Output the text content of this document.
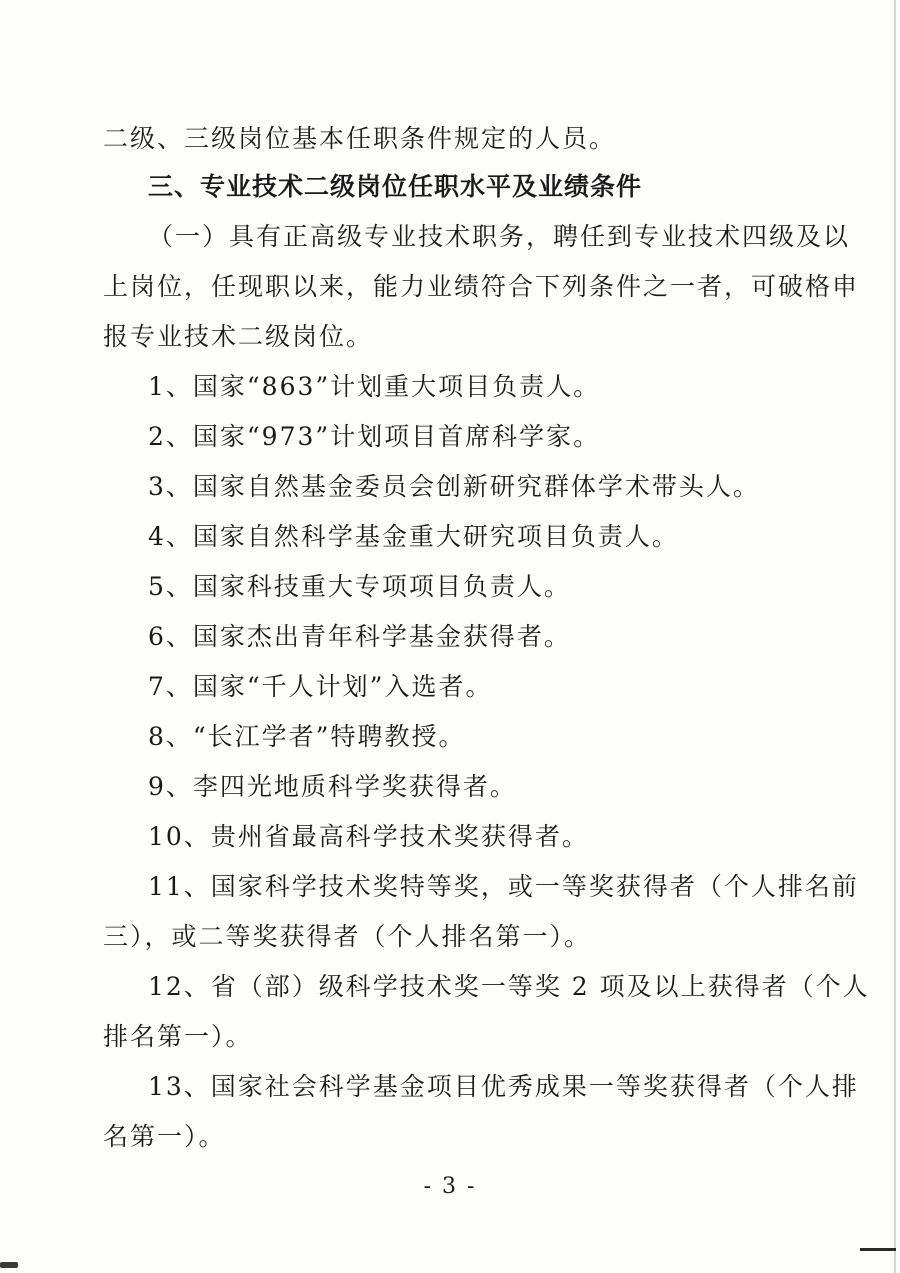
二级、三级岗位基本任职条件规定的人员。
三、专业技术二级岗位任职水平及业绩条件
（一）具有正高级专业技术职务，聘任到专业技术四级及以
上岗位，任现职以来，能力业绩符合下列条件之一者，可破格申
报专业技术二级岗位。
1、国家“863”计划重大项目负责人。
2、国家“973”计划项目首席科学家。
3、国家自然基金委员会创新研究群体学术带头人。
4、国家自然科学基金重大研究项目负责人。
5、国家科技重大专项项目负责人。
6、国家杰出青年科学基金获得者。
7、国家“千人计划”入选者。
8、“长江学者”特聘教授。
9、李四光地质科学奖获得者。
10、贵州省最高科学技术奖获得者。
11、国家科学技术奖特等奖，或一等奖获得者（个人排名前
三），或二等奖获得者（个人排名第一）。
12、省（部）级科学技术奖一等奖 2 项及以上获得者（个人
排名第一）。
13、国家社会科学基金项目优秀成果一等奖获得者（个人排
名第一）。
- 3 -
